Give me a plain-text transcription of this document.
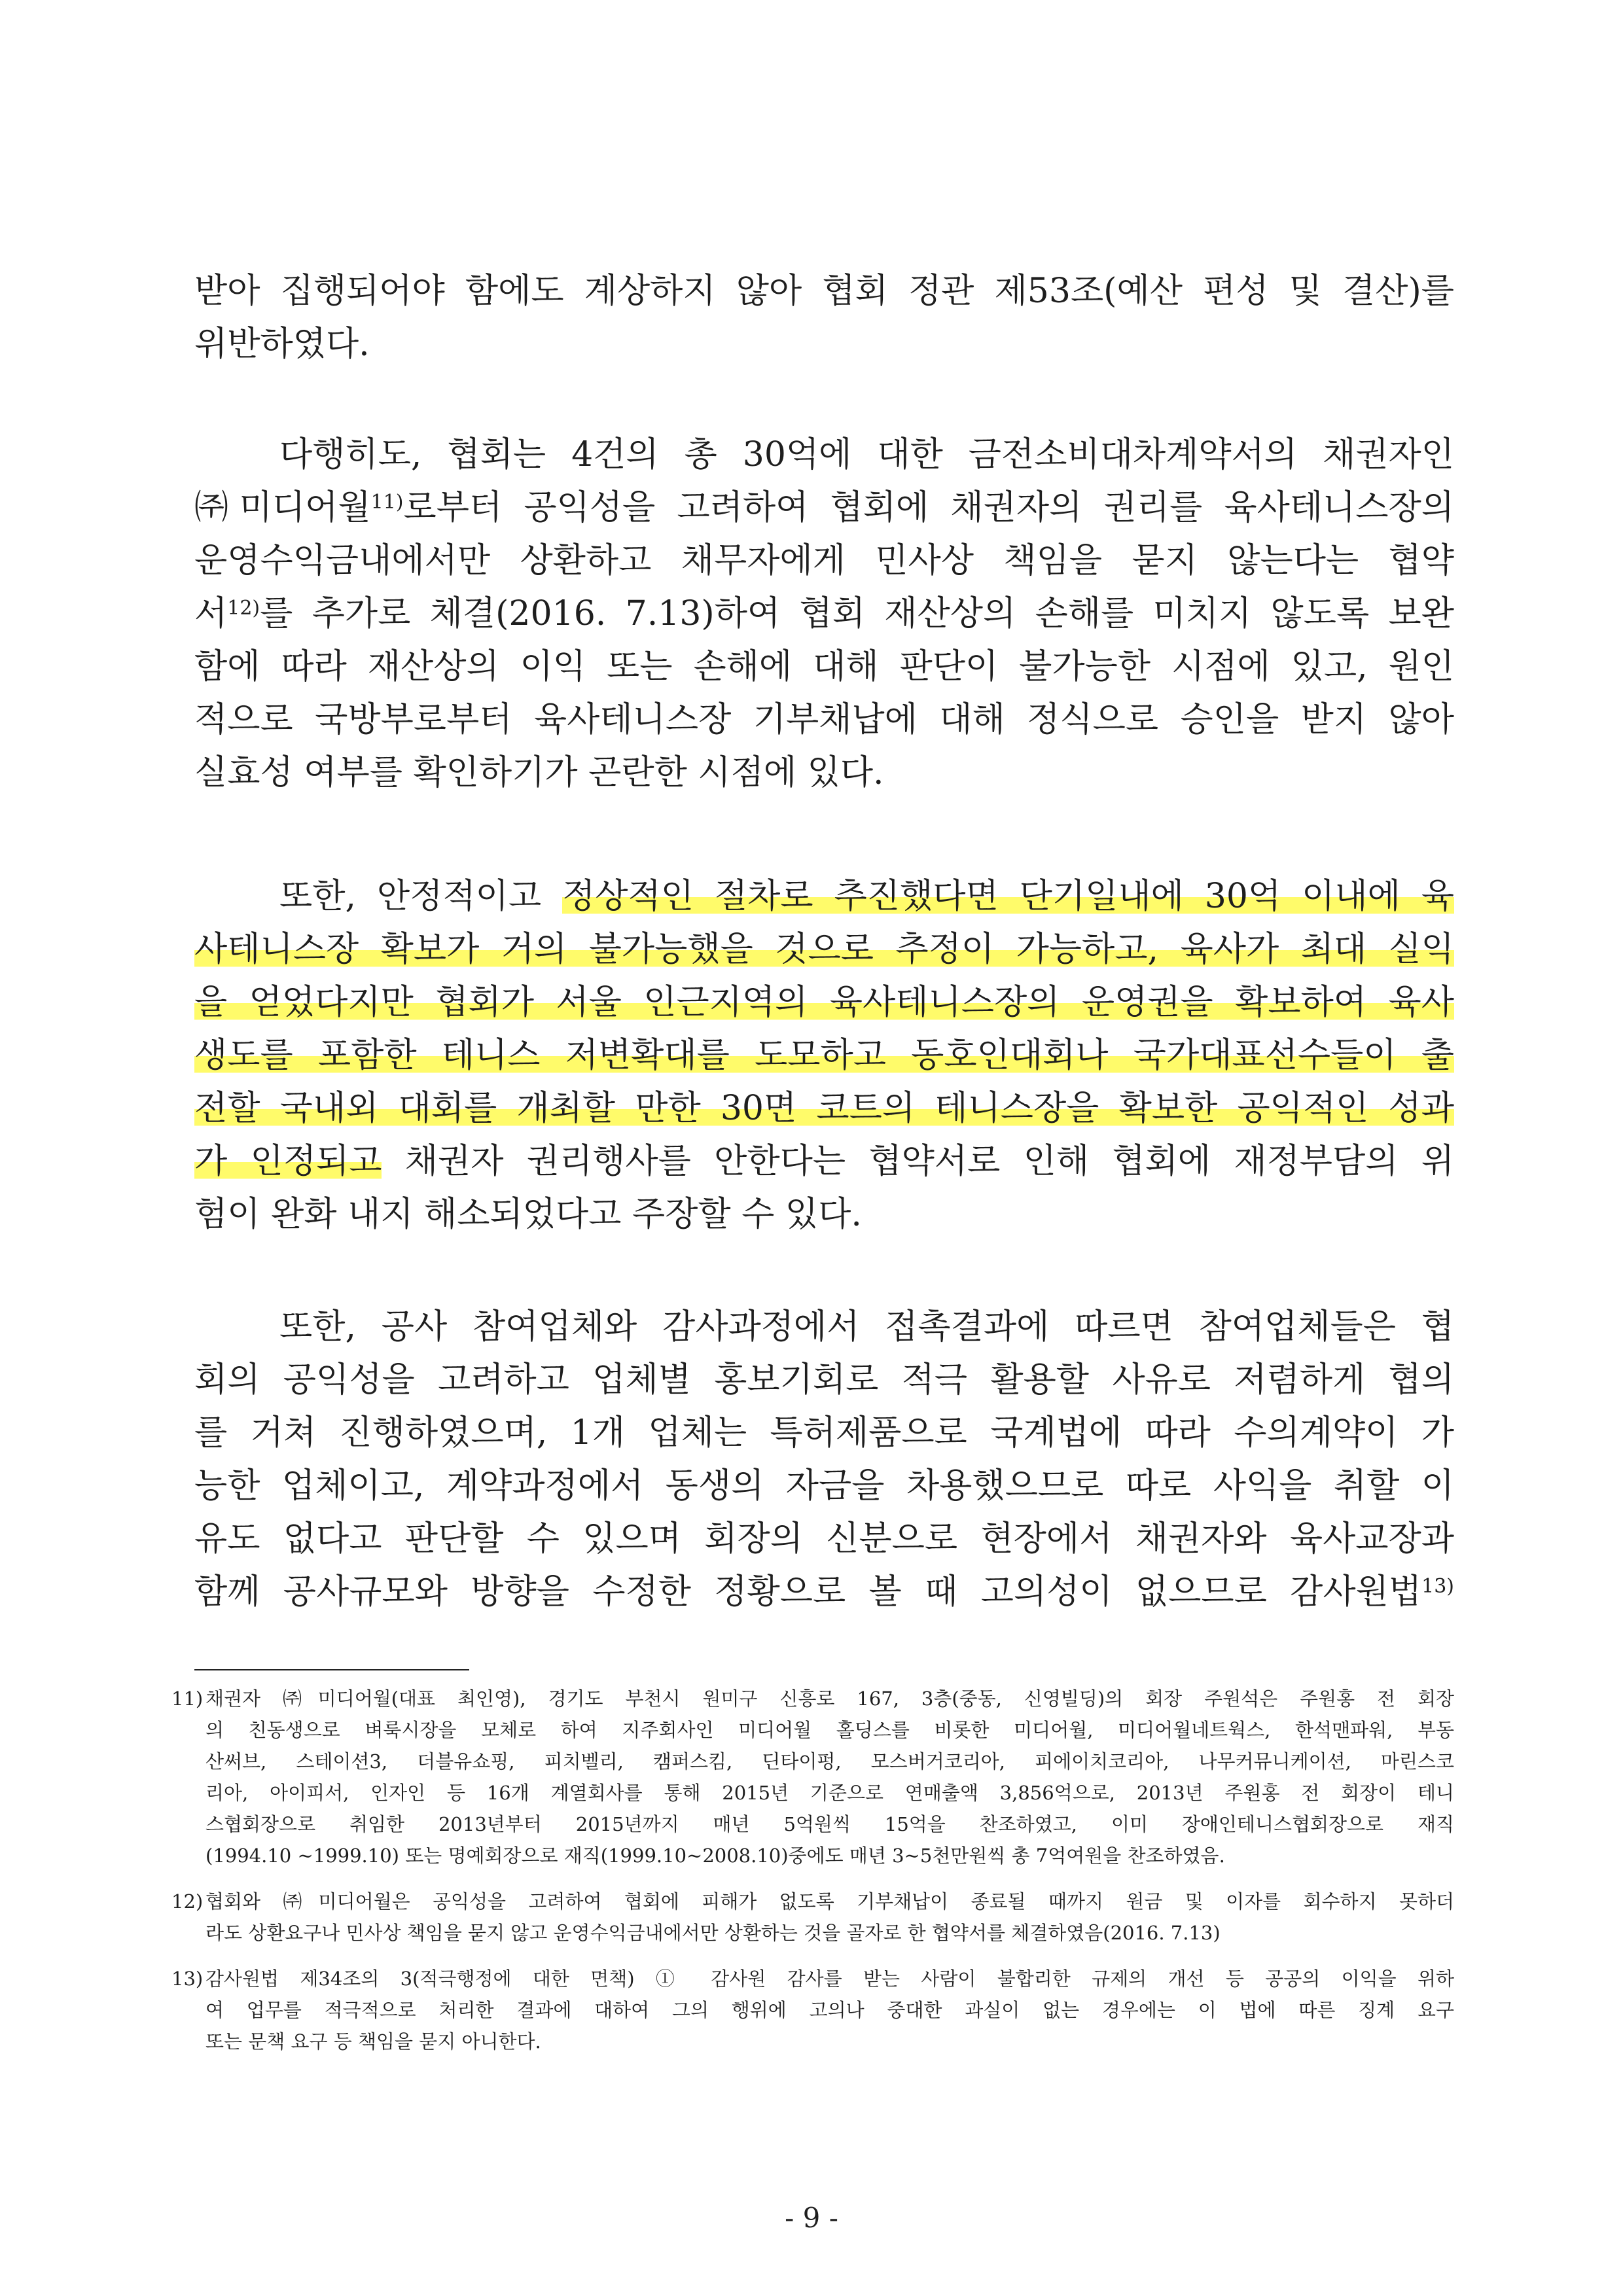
받아 집행되어야 함에도 계상하지 않아 협회 정관 제53조(예산 편성 및 결산)를
위반하였다.
다행히도, 협회는 4건의 총 30억에 대한 금전소비대차계약서의 채권자인
㈜미디어월$^{11)}$로부터 공익성을 고려하여 협회에 채권자의 권리를 육사테니스장의
운영수익금내에서만 상환하고 채무자에게 민사상 책임을 묻지 않는다는 협약
서$^{12)}$를 추가로 체결(2016. 7.13)하여 협회 재산상의 손해를 미치지 않도록 보완
함에 따라 재산상의 이익 또는 손해에 대해 판단이 불가능한 시점에 있고, 원인
적으로 국방부로부터 육사테니스장 기부채납에 대해 정식으로 승인을 받지 않아
실효성 여부를 확인하기가 곤란한 시점에 있다.
또한, 안정적이고 정상적인 절차로 추진했다면 단기일내에 30억 이내에 육
사테니스장 확보가 거의 불가능했을 것으로 추정이 가능하고, 육사가 최대 실익
을 얻었다지만 협회가 서울 인근지역의 육사테니스장의 운영권을 확보하여 육사
생도를 포함한 테니스 저변확대를 도모하고 동호인대회나 국가대표선수들이 출
전할 국내외 대회를 개최할 만한 30면 코트의 테니스장을 확보한 공익적인 성과
가 인정되고 채권자 권리행사를 안한다는 협약서로 인해 협회에 재정부담의 위
험이 완화 내지 해소되었다고 주장할 수 있다.
또한, 공사 참여업체와 감사과정에서 접촉결과에 따르면 참여업체들은 협
회의 공익성을 고려하고 업체별 홍보기회로 적극 활용할 사유로 저렴하게 협의
를 거쳐 진행하였으며, 1개 업체는 특허제품으로 국계법에 따라 수의계약이 가
능한 업체이고, 계약과정에서 동생의 자금을 차용했으므로 따로 사익을 취할 이
유도 없다고 판단할 수 있으며 회장의 신분으로 현장에서 채권자와 육사교장과
함께 공사규모와 방향을 수정한 정황으로 볼 때 고의성이 없으므로 감사원법$^{13)}$
11) 채권자 ㈜미디어월(대표 최인영), 경기도 부천시 원미구 신흥로 167, 3층(중동, 신영빌딩)의 회장 주원석은 주원홍 전 회장
의 친동생으로 벼룩시장을 모체로 하여 지주회사인 미디어월 홀딩스를 비롯한 미디어월, 미디어월네트웍스, 한석맨파워, 부동
산써브, 스테이션3, 더블유쇼핑, 피치벨리, 캠퍼스킴, 딘타이펑, 모스버거코리아, 피에이치코리아, 나무커뮤니케이션, 마린스코
리아, 아이피서, 인자인 등 16개 계열회사를 통해 2015년 기준으로 연매출액 3,856억으로, 2013년 주원홍 전 회장이 테니
스협회장으로 취임한 2013년부터 2015년까지 매년 5억원씩 15억을 찬조하였고, 이미 장애인테니스협회장으로 재직
(1994.10 ~1999.10) 또는 명예회장으로 재직(1999.10~2008.10)중에도 매년 3~5천만원씩 총 7억여원을 찬조하였음.
12) 협회와 ㈜미디어월은 공익성을 고려하여 협회에 피해가 없도록 기부채납이 종료될 때까지 원금 및 이자를 회수하지 못하더
라도 상환요구나 민사상 책임을 묻지 않고 운영수익금내에서만 상환하는 것을 골자로 한 협약서를 체결하였음(2016. 7.13)
13) 감사원법 제34조의 3(적극행정에 대한 면책) ① 감사원 감사를 받는 사람이 불합리한 규제의 개선 등 공공의 이익을 위하
여 업무를 적극적으로 처리한 결과에 대하여 그의 행위에 고의나 중대한 과실이 없는 경우에는 이 법에 따른 징계 요구
또는 문책 요구 등 책임을 묻지 아니한다.
- 9 -
